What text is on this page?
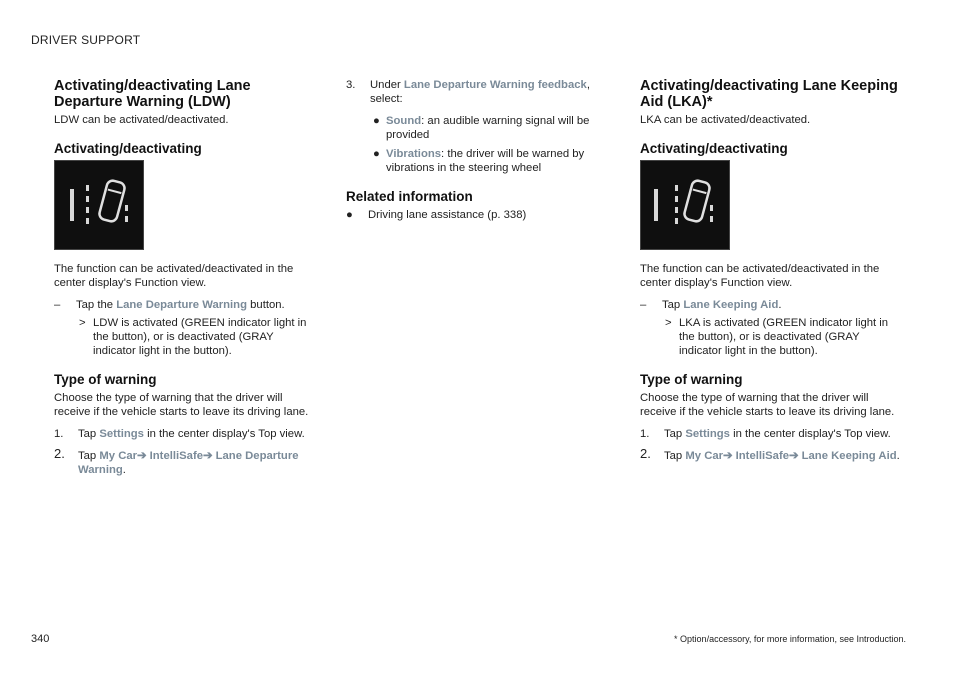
DRIVER SUPPORT
Activating/deactivating Lane Departure Warning (LDW)

LDW can be activated/deactivated.

Activating/deactivating

The function can be activated/deactivated in the center display's Function view.

– Tap the Lane Departure Warning button.
> LDW is activated (GREEN indicator light in the button), or is deactivated (GRAY indicator light in the button).
Type of warning

Choose the type of warning that the driver will receive if the vehicle starts to leave its driving lane.

1. Tap Settings in the center display's Top view.
2. Tap My Car➔ IntelliSafe➔ Lane Departure Warning.
3. Under Lane Departure Warning feedback, select:
● Sound: an audible warning signal will be provided
● Vibrations: the driver will be warned by vibrations in the steering wheel
Related information
● Driving lane assistance (p. 338)
Activating/deactivating Lane Keeping Aid (LKA)*

LKA can be activated/deactivated.

Activating/deactivating

The function can be activated/deactivated in the center display's Function view.

– Tap Lane Keeping Aid.
> LKA is activated (GREEN indicator light in the button), or is deactivated (GRAY indicator light in the button).
Type of warning

Choose the type of warning that the driver will receive if the vehicle starts to leave its driving lane.

1. Tap Settings in the center display's Top view.
2. Tap My Car➔ IntelliSafe➔ Lane Keeping Aid.
340	* Option/accessory, for more information, see Introduction.
